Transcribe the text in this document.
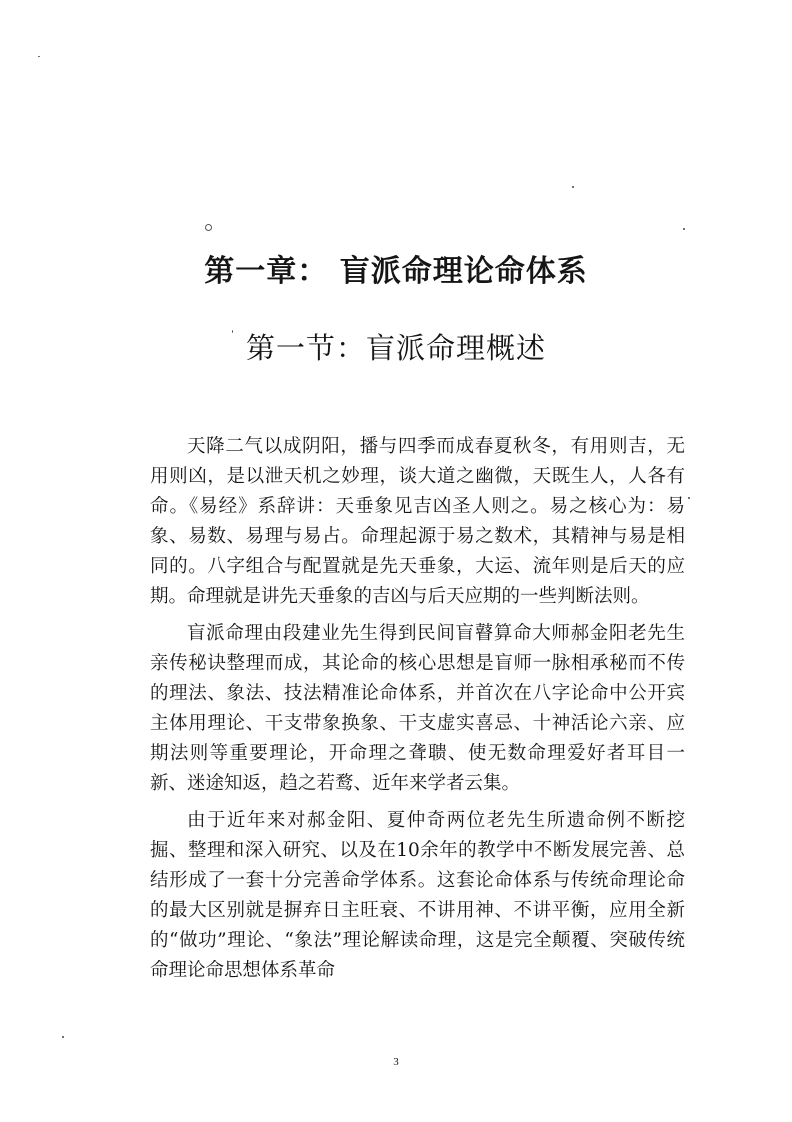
第一章： 盲派命理论命体系
第一节：盲派命理概述

天降二气以成阴阳，播与四季而成春夏秋冬，有用则吉，无用则凶，是以泄天机之妙理，谈大道之幽微，天既生人，人各有命。《易经》系辞讲：天垂象见吉凶圣人则之。易之核心为：易象、易数、易理与易占。命理起源于易之数术，其精神与易是相同的。八字组合与配置就是先天垂象，大运、流年则是后天的应期。命理就是讲先天垂象的吉凶与后天应期的一些判断法则。

盲派命理由段建业先生得到民间盲瞽算命大师郝金阳老先生亲传秘诀整理而成，其论命的核心思想是盲师一脉相承秘而不传的理法、象法、技法精准论命体系，并首次在八字论命中公开宾主体用理论、干支带象换象、干支虚实喜忌、十神活论六亲、应期法则等重要理论，开命理之聋聩、使无数命理爱好者耳目一新、迷途知返，趋之若鹜、近年来学者云集。

由于近年来对郝金阳、夏仲奇两位老先生所遗命例不断挖掘、整理和深入研究、以及在10余年的教学中不断发展完善、总结形成了一套十分完善命学体系。这套论命体系与传统命理论命的最大区别就是摒弃日主旺衰、不讲用神、不讲平衡，应用全新的“做功”理论、“象法”理论解读命理，这是完全颠覆、突破传统命理论命思想体系革命

3
